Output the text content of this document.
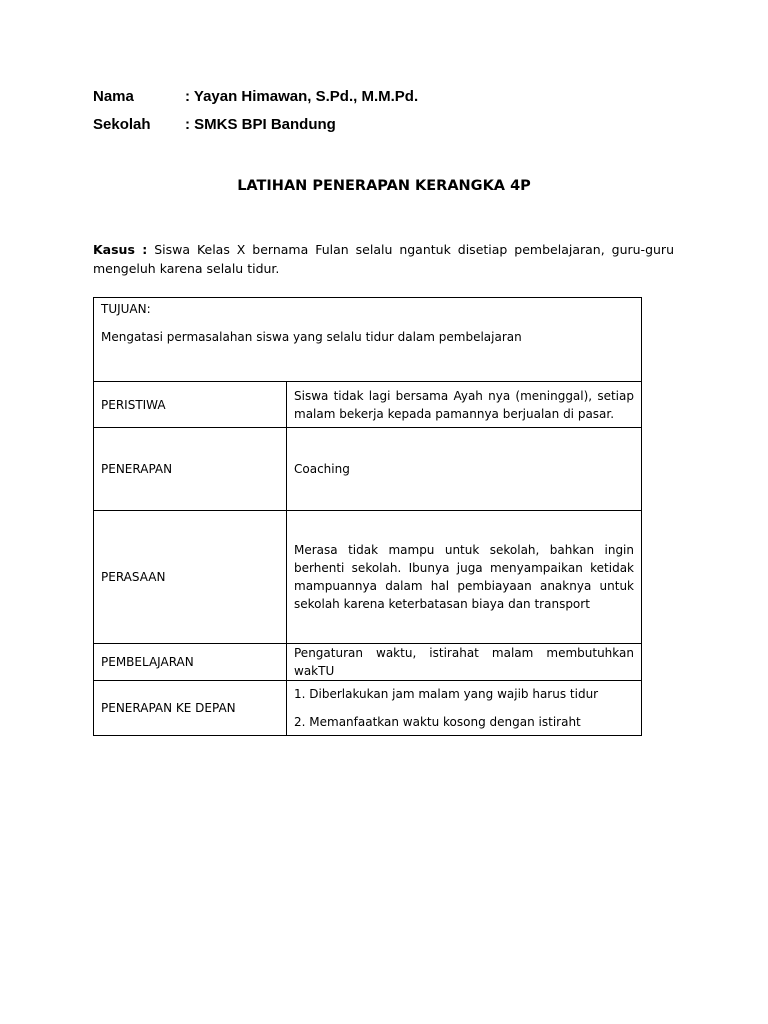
Nama	: Yayan Himawan, S.Pd., M.M.Pd.
Sekolah : SMKS BPI Bandung
LATIHAN PENERAPAN KERANGKA 4P
Kasus : Siswa Kelas X bernama Fulan selalu ngantuk disetiap pembelajaran, guru-guru mengeluh karena selalu tidur.
TUJUAN:
Mengatasi permasalahan siswa yang selalu tidur dalam pembelajaran	

PERISTIWA	Siswa tidak lagi bersama Ayah nya (meninggal), setiap malam bekerja kepada pamannya berjualan di pasar.
PENERAPAN	Coaching
PERASAAN	Merasa tidak mampu untuk sekolah, bahkan ingin berhenti sekolah. Ibunya juga menyampaikan ketidak mampuannya dalam hal pembiayaan anaknya untuk sekolah karena keterbatasan biaya dan transport
PEMBELAJARAN	Pengaturan waktu, istirahat malam membutuhkan wakTU
PENERAPAN KE DEPAN	1. Diberlakukan jam malam yang wajib harus tidur
2. Memanfaatkan waktu kosong dengan istiraht
